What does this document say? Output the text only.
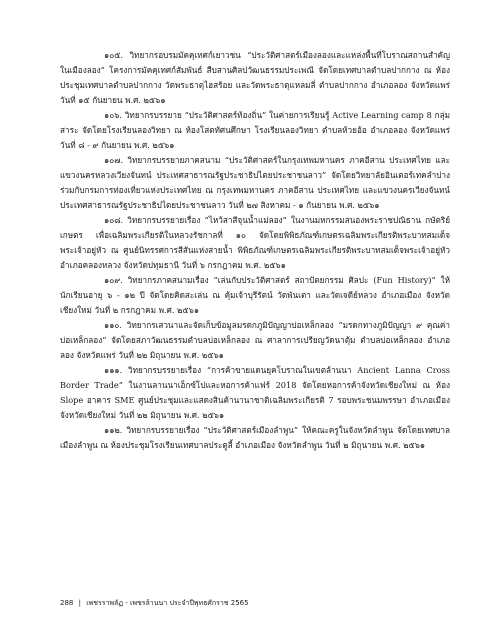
๑๐๕. วิทยากรอบรมมัคคุเทศก์เยาวชน “ประวัติศาสตร์เมืองลองและแหล่งพื้นที่โบราณสถานสำคัญในเมืองลอง” โครงการมัคคุเทศก์สัมพันธ์ สืบสานศิลปวัฒนธรรมประเพณี จัดโดยเทศบาลตำบลปากกาง ณ ห้องประชุมเทศบาลตำบลปากกาง วัดพระธาตุไฮสร้อย และวัดพระธาตุแหลมลี่ ตำบลปากกาง อำเภอลอง จังหวัดแพร่ วันที่ ๑๕ กันยายน พ.ศ. ๒๕๖๑

๑๐๖. วิทยากรบรรยาย “ประวัติศาสตร์ท้องถิ่น” ในค่ายการเรียนรู้ Active Learning camp 8 กลุ่มสาระ จัดโดยโรงเรียนลองวิทยา ณ ห้องโสตทัศนศึกษา โรงเรียนลองวิทยา ตำบลห้วยอ้อ อำเภอลอง จังหวัดแพร่ วันที่ ๘ - ๙ กันยายน พ.ศ. ๒๕๖๑

๑๐๗. วิทยากรบรรยายภาคสนาม “ประวัติศาสตร์ในกรุงเทพมหานคร ภาคอีสาน ประเทศไทย และแขวงนครหลวงเวียงจันทน์ ประเทศสาธารณรัฐประชาธิปไตยประชาชนลาว” จัดโดยวิทยาลัยอินเตอร์เทคลำปางร่วมกับกรมการท่องเที่ยวแห่งประเทศไทย ณ กรุงเทพมหานคร ภาคอีสาน ประเทศไทย และแขวงนครเวียงจันทน์ ประเทศสาธารณรัฐประชาธิปไตยประชาชนลาว วันที่ ๒๗ สิงหาคม - ๑ กันยายน พ.ศ. ๒๕๖๑

๑๐๘. วิทยากรบรรยายเรื่อง “ไหว้สาสีจุนน้ำแม่ลอง” ในงานมหกรรมสนองพระราชปณิธาน กษัตริย์เกษตร เพื่อเฉลิมพระเกียรติในหลวงรัชกาลที่ ๑๐ จัดโดยพิพิธภัณฑ์เกษตรเฉลิมพระเกียรติพระบาทสมเด็จพระเจ้าอยู่หัว ณ ศูนย์นิทรรศการสีสันแห่งสายน้ำ พิพิธภัณฑ์เกษตรเฉลิมพระเกียรติพระบาทสมเด็จพระเจ้าอยู่หัว อำเภอคลองหลวง จังหวัดปทุมธานี วันที่ ๖ กรกฎาคม พ.ศ. ๒๕๖๑

๑๐๙. วิทยากรภาคสนามเรื่อง “เล่นกับประวัติศาสตร์ สถาปัตยกรรม ศิลปะ (Fun History)” ให้นักเรียนอายุ ๖ - ๑๒ ปี จัดโดยคิดสะเล่น ณ คุ้มเจ้าบุรีรัตน์ วัดพันเตา และวัดเจดีย์หลวง อำเภอเมือง จังหวัดเชียงใหม่ วันที่ ๒ กรกฎาคม พ.ศ. ๒๕๖๑

๑๑๐. วิทยากรเสวนาและจัดเก็บข้อมูลมรดกภูมิปัญญาบ่อเหล็กลอง “มรดกทางภูมิปัญญา ๙ คุณค่าบ่อเหล็กลอง” จัดโดยสภาวัฒนธรรมตำบลบ่อเหล็กลอง ณ ศาลาการเปรียญวัดนาตุ้ม ตำบลบ่อเหล็กลอง อำเภอลอง จังหวัดแพร่ วันที่ ๒๒ มิถุนายน พ.ศ. ๒๕๖๑

๑๑๑. วิทยากรบรรยายเรื่อง “การค้าขายแดนยุคโบราณในเขตล้านนา Ancient Lanna Cross Border Trade” ในงานลานนาเอ็กซ์โปและหอการค้าแฟร์ 2018 จัดโดยหอการค้าจังหวัดเชียงใหม่ ณ ห้อง Slope อาคาร SME ศูนย์ประชุมและแสดงสินค้านานาชาติเฉลิมพระเกียรติ 7 รอบพระชนมพรรษา อำเภอเมือง จังหวัดเชียงใหม่ วันที่ ๒๒ มิถุนายน พ.ศ. ๒๕๖๑

๑๑๒. วิทยากรบรรยายเรื่อง “ประวัติศาสตร์เมืองลำพูน” ให้คณะครูในจังหวัดลำพูน จัดโดยเทศบาลเมืองลำพูน ณ ห้องประชุมโรงเรียนเทศบาลประตูลี้ อำเภอเมือง จังหวัดลำพูน วันที่ ๒ มิถุนายน พ.ศ. ๒๕๖๑

288 | เพชรราพลัฏ - เพชรล้านนา ประจำปีพุทธศักราช 2565
